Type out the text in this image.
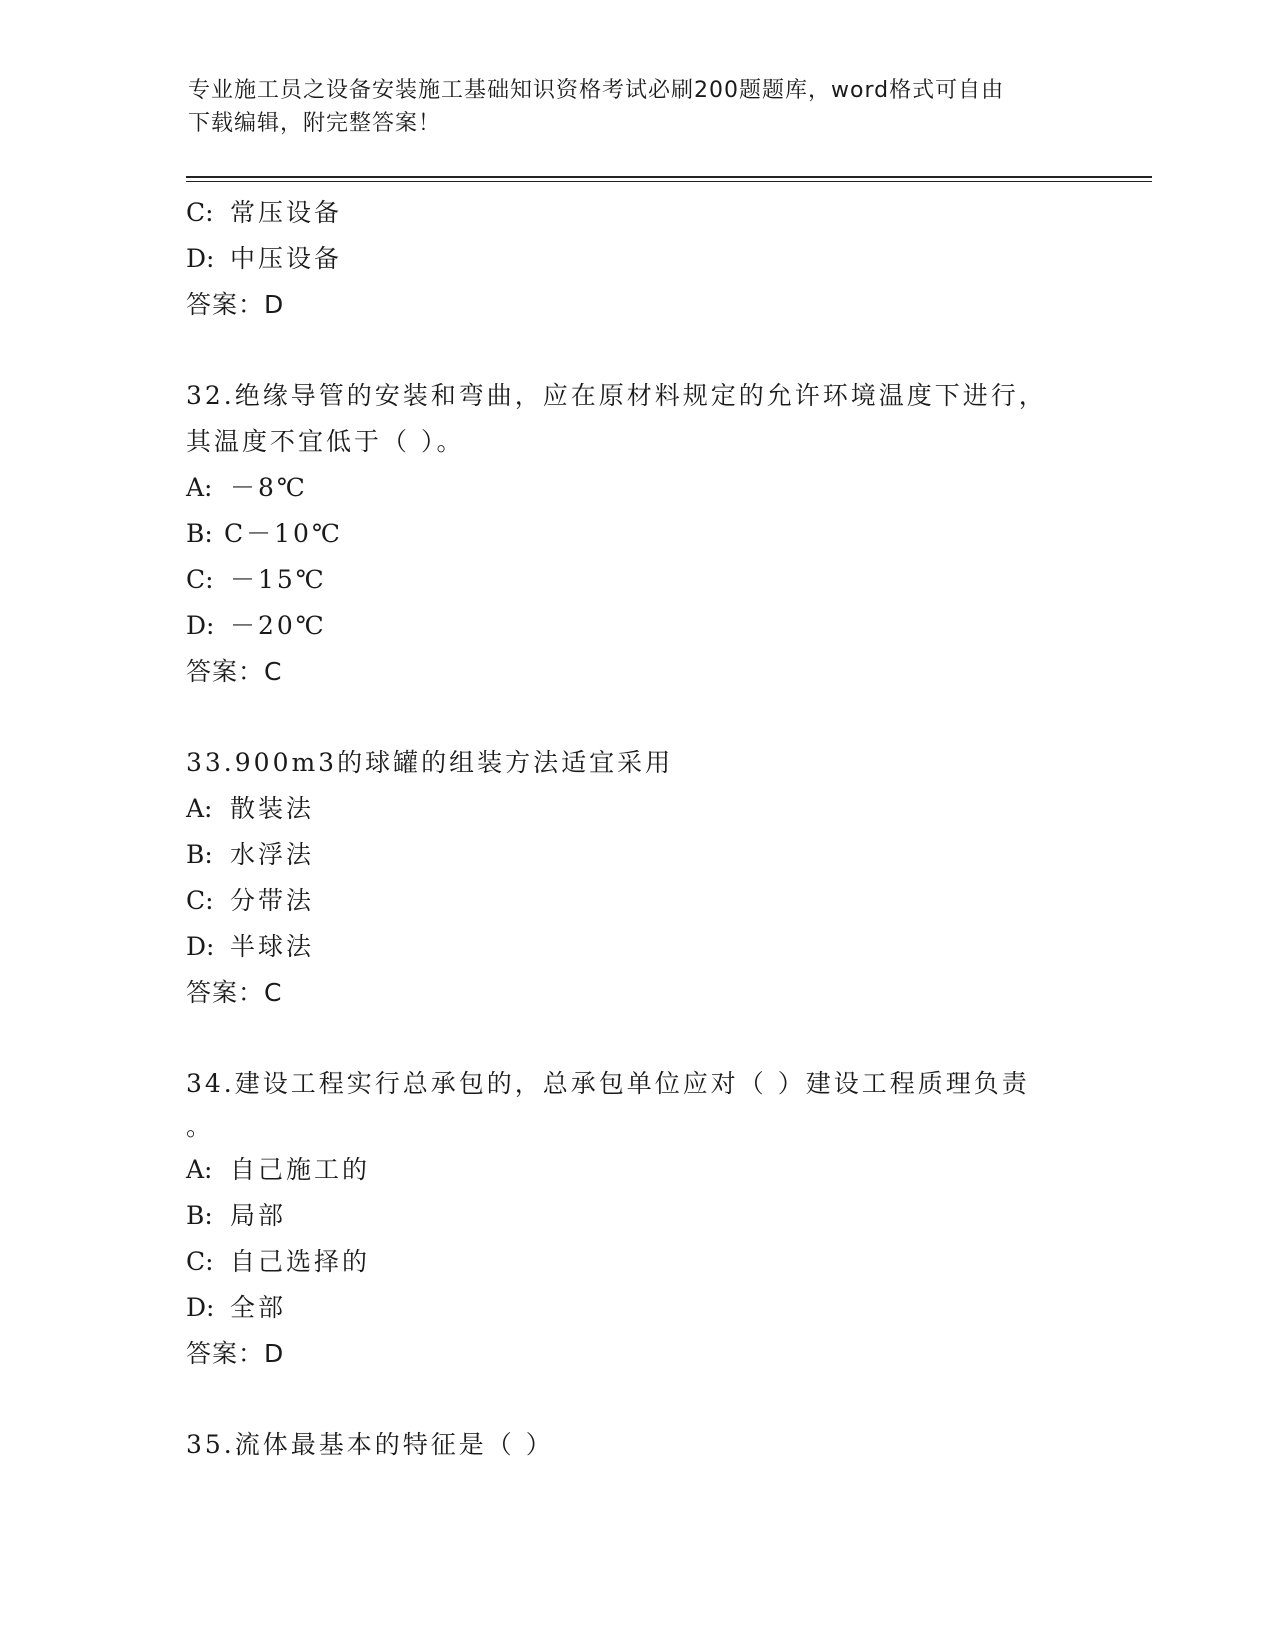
专业施工员之设备安装施工基础知识资格考试必刷200题题库，word格式可自由
下载编辑，附完整答案！
C: 常压设备
D: 中压设备
答案：D
32.绝缘导管的安装和弯曲，应在原材料规定的允许环境温度下进行，
其温度不宜低于（ ）。
A: －8℃
B: C－10℃
C: －15℃
D: －20℃
答案：C
33.900m3的球罐的组装方法适宜采用
A: 散装法
B: 水浮法
C: 分带法
D: 半球法
答案：C
34.建设工程实行总承包的，总承包单位应对（ ）建设工程质理负责
。
A: 自己施工的
B: 局部
C: 自己选择的
D: 全部
答案：D
35.流体最基本的特征是（ ）
